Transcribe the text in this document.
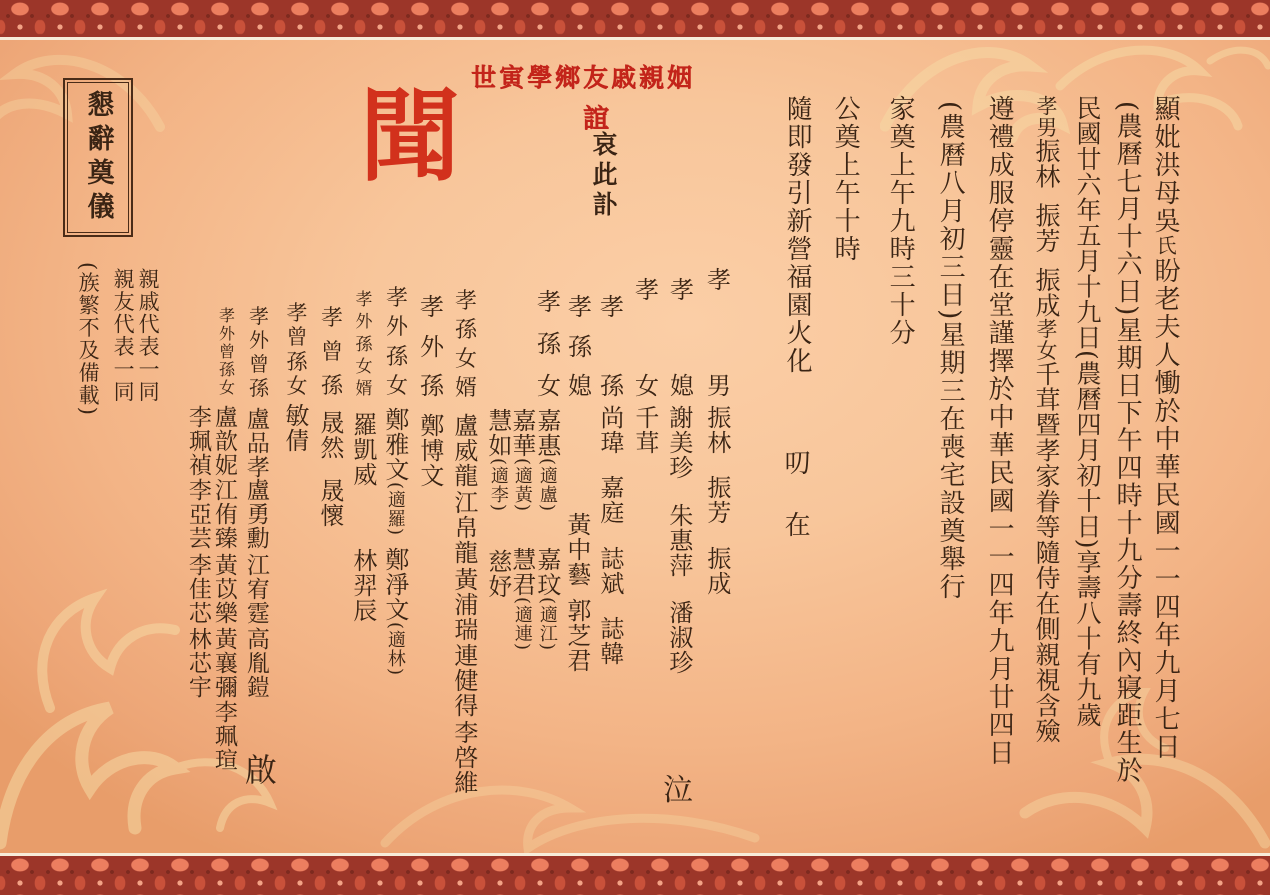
顯妣洪母吳氏盼老夫人慟於中華民國一一四年九月七日
(農曆七月十六日)星期日下午四時十九分壽終內寢距生於
民國廿六年五月十九日(農曆四月初十日)享壽八十有九歲
孝男振林 振芳 振成孝女千茸暨孝家眷等隨侍在側親視含殮
遵禮成服停靈在堂謹擇於中華民國一一四年九月廿四日
(農曆八月初三日)星期三在喪宅設奠舉行
家奠上午九時三十分
公奠上午十時
隨即發引新營福園火化
叨在
世寅學鄉友戚親姻
誼
哀此訃
聞
懇辭奠儀
孝
男
振林
振芳
振成
孝
媳
謝美珍
朱惠萍
潘淑珍
孝
女
千茸
孝
孫
尚瑋
嘉庭
誌斌
誌韓
孝
孫
媳
黃中藝
郭芝君
孝
孫
女
嘉惠(適盧)
嘉華(適黃)
慧如(適李)
嘉玟(適江)
慧君(適連)
慈妤
孝
孫
女
婿
盧威龍
江帛龍
黃浦瑞
連健得
李啓維
孝
外
孫
鄭博文
孝
外
孫
女
鄭雅文(適羅)
鄭淨文(適林)
孝
外
孫
女
婿
羅凱威
林羿辰
孝
曾
孫
晟然
晟懷
孝
曾
孫
女
敏倩
孝
外
曾
孫
盧品孝
盧勇勳
江宥霆
高胤鎧
孝
外
曾
孫
女
盧歆妮
江侑臻
黃苡樂
黃襄彌
李珮瑄
李珮禎
李亞芸
李佳芯
林芯宇
泣
啟
親戚代表一同
親友代表一同
(族繁不及備載)
